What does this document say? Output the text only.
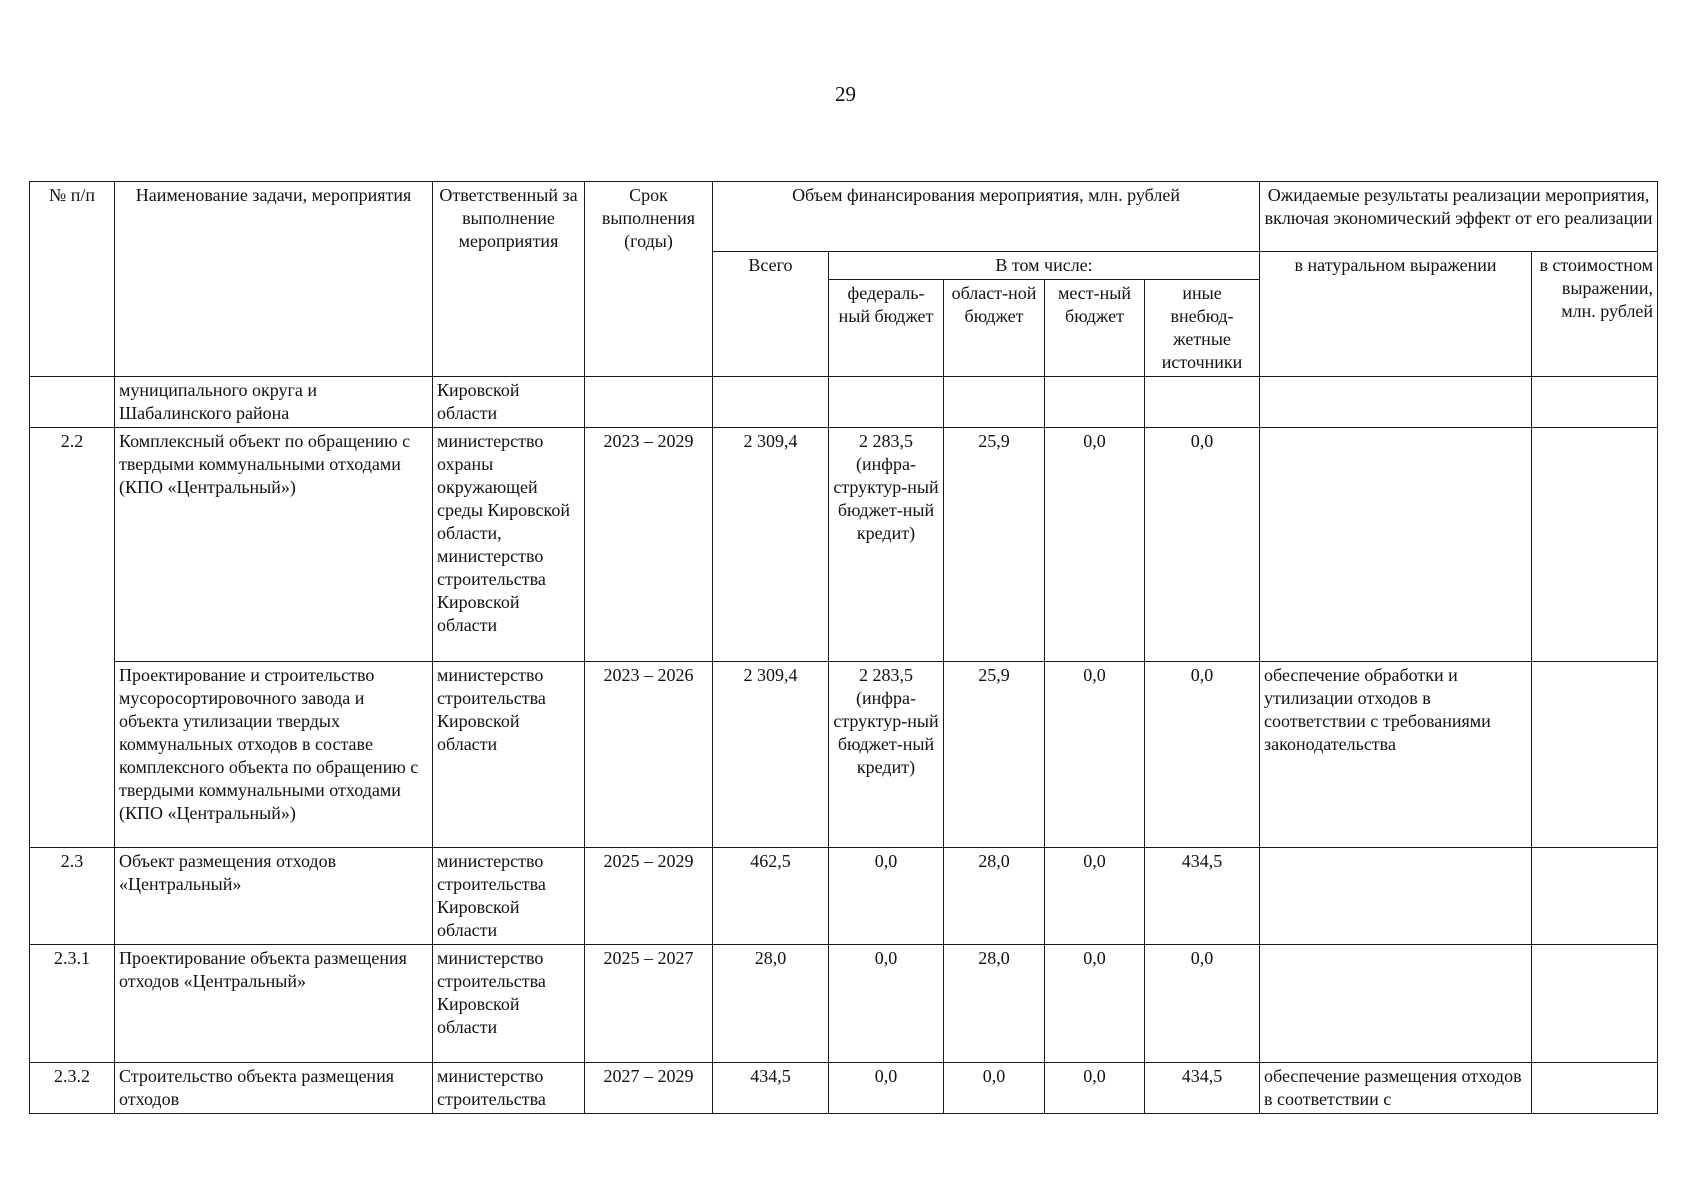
29
№ п/п	Наименование задачи, мероприятия	Ответственный за выполнение мероприятия	Срок выполнения (годы)	Объем финансирования мероприятия, млн. рублей					Ожидаемые результаты реализации мероприятия, включая экономический эффект от его реализации	
				Всего	В том числе:				в натуральном выражении	в стоимостном выражении, млн. рублей
					федераль-ный бюджет	област-ной бюджет	мест-ный бюджет	иные внебюд-жетные источники		
	муниципального округа и Шабалинского района	Кировской области								
2.2	Комплексный объект по обращению с твердыми коммунальными отходами (КПО «Центральный»)	министерство охраны окружающей среды Кировской области, министерство строительства Кировской области	2023 – 2029	2 309,4	2 283,5 (инфра-структур-ный бюджет-ный кредит)	25,9	0,0	0,0		
	Проектирование и строительство мусоросортировочного завода и объекта утилизации твердых коммунальных отходов в составе комплексного объекта по обращению с твердыми коммунальными отходами (КПО «Центральный»)	министерство строительства Кировской области	2023 – 2026	2 309,4	2 283,5 (инфра-структур-ный бюджет-ный кредит)	25,9	0,0	0,0	обеспечение обработки и утилизации отходов в соответствии с требованиями законодательства	
2.3	Объект размещения отходов «Центральный»	министерство строительства Кировской области	2025 – 2029	462,5	0,0	28,0	0,0	434,5		
2.3.1	Проектирование объекта размещения отходов «Центральный»	министерство строительства Кировской области	2025 – 2027	28,0	0,0	28,0	0,0	0,0		
2.3.2	Строительство объекта размещения отходов	министерство строительства	2027 – 2029	434,5	0,0	0,0	0,0	434,5	обеспечение размещения отходов в соответствии с	
